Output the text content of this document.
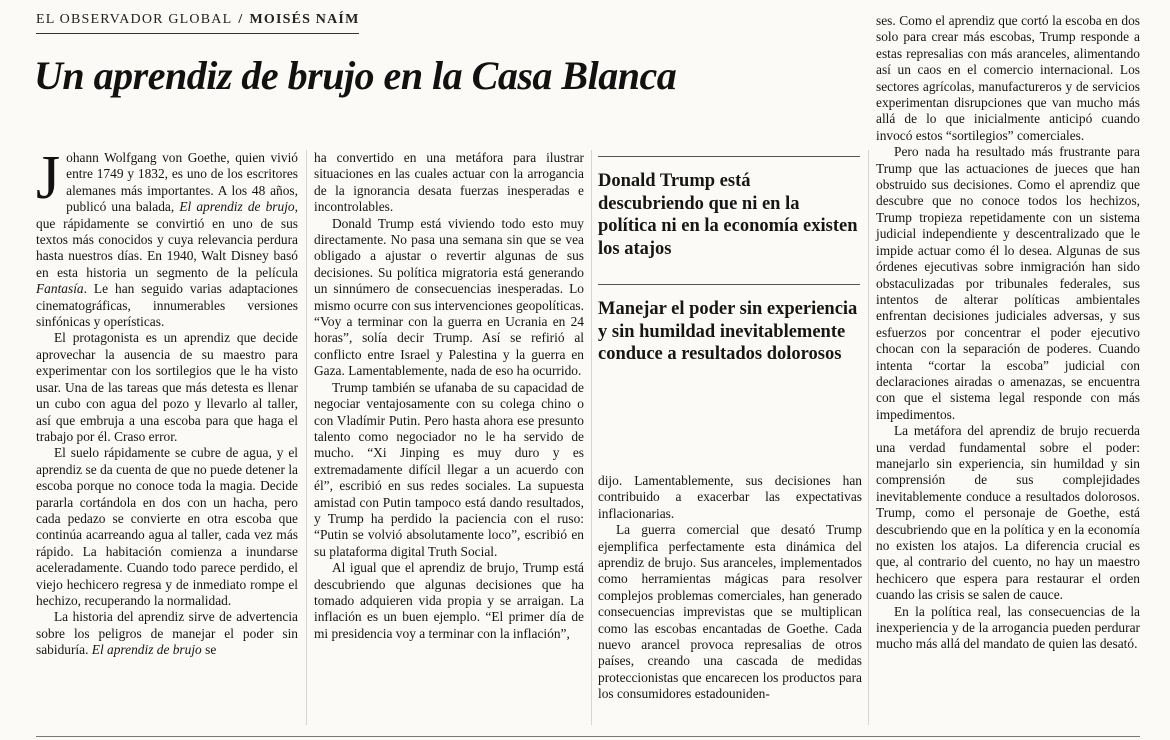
EL OBSERVADOR GLOBAL / MOISÉS NAÍM
Un aprendiz de brujo en la Casa Blanca

Johann Wolfgang von Goethe, quien vivió entre 1749 y 1832, es uno de los escritores alemanes más importantes. A los 48 años, publicó una balada, El aprendiz de brujo, que rápidamente se convirtió en uno de sus textos más conocidos y cuya relevancia perdura hasta nuestros días. En 1940, Walt Disney basó en esta historia un segmento de la película Fantasía. Le han seguido varias adaptaciones cinematográficas, innumerables versiones sinfónicas y operísticas.

El protagonista es un aprendiz que decide aprovechar la ausencia de su maestro para experimentar con los sortilegios que le ha visto usar. Una de las tareas que más detesta es llenar un cubo con agua del pozo y llevarlo al taller, así que embruja a una escoba para que haga el trabajo por él. Craso error.

El suelo rápidamente se cubre de agua, y el aprendiz se da cuenta de que no puede detener la escoba porque no conoce toda la magia. Decide pararla cortándola en dos con un hacha, pero cada pedazo se convierte en otra escoba que continúa acarreando agua al taller, cada vez más rápido. La habitación comienza a inundarse aceleradamente. Cuando todo parece perdido, el viejo hechicero regresa y de inmediato rompe el hechizo, recuperando la normalidad.

La historia del aprendiz sirve de advertencia sobre los peligros de manejar el poder sin sabiduría. El aprendiz de brujo se

ha convertido en una metáfora para ilustrar situaciones en las cuales actuar con la arrogancia de la ignorancia desata fuerzas inesperadas e incontrolables.

Donald Trump está viviendo todo esto muy directamente. No pasa una semana sin que se vea obligado a ajustar o revertir algunas de sus decisiones. Su política migratoria está generando un sinnúmero de consecuencias inesperadas. Lo mismo ocurre con sus intervenciones geopolíticas. “Voy a terminar con la guerra en Ucrania en 24 horas”, solía decir Trump. Así se refirió al conflicto entre Israel y Palestina y la guerra en Gaza. Lamentablemente, nada de eso ha ocurrido.

Trump también se ufanaba de su capacidad de negociar ventajosamente con su colega chino o con Vladímir Putin. Pero hasta ahora ese presunto talento como negociador no le ha servido de mucho. “Xi Jinping es muy duro y es extremadamente difícil llegar a un acuerdo con él”, escribió en sus redes sociales. La supuesta amistad con Putin tampoco está dando resultados, y Trump ha perdido la paciencia con el ruso: “Putin se volvió absolutamente loco”, escribió en su plataforma digital Truth Social.

Al igual que el aprendiz de brujo, Trump está descubriendo que algunas decisiones que ha tomado adquieren vida propia y se arraigan. La inflación es un buen ejemplo. “El primer día de mi presidencia voy a terminar con la inflación”,

Donald Trump está descubriendo que ni en la política ni en la economía existen los atajos

Manejar el poder sin experiencia y sin humildad inevitablemente conduce a resultados dolorosos

dijo. Lamentablemente, sus decisiones han contribuido a exacerbar las expectativas inflacionarias.

La guerra comercial que desató Trump ejemplifica perfectamente esta dinámica del aprendiz de brujo. Sus aranceles, implementados como herramientas mágicas para resolver complejos problemas comerciales, han generado consecuencias imprevistas que se multiplican como las escobas encantadas de Goethe. Cada nuevo arancel provoca represalias de otros países, creando una cascada de medidas proteccionistas que encarecen los productos para los consumidores estadouniden-

ses. Como el aprendiz que cortó la escoba en dos solo para crear más escobas, Trump responde a estas represalias con más aranceles, alimentando así un caos en el comercio internacional. Los sectores agrícolas, manufactureros y de servicios experimentan disrupciones que van mucho más allá de lo que inicialmente anticipó cuando invocó estos “sortilegios” comerciales.

Pero nada ha resultado más frustrante para Trump que las actuaciones de jueces que han obstruido sus decisiones. Como el aprendiz que descubre que no conoce todos los hechizos, Trump tropieza repetidamente con un sistema judicial independiente y descentralizado que le impide actuar como él lo desea. Algunas de sus órdenes ejecutivas sobre inmigración han sido obstaculizadas por tribunales federales, sus intentos de alterar políticas ambientales enfrentan decisiones judiciales adversas, y sus esfuerzos por concentrar el poder ejecutivo chocan con la separación de poderes. Cuando intenta “cortar la escoba” judicial con declaraciones airadas o amenazas, se encuentra con que el sistema legal responde con más impedimentos.

La metáfora del aprendiz de brujo recuerda una verdad fundamental sobre el poder: manejarlo sin experiencia, sin humildad y sin comprensión de sus complejidades inevitablemente conduce a resultados dolorosos. Trump, como el personaje de Goethe, está descubriendo que en la política y en la economía no existen los atajos. La diferencia crucial es que, al contrario del cuento, no hay un maestro hechicero que espera para restaurar el orden cuando las crisis se salen de cauce.

En la política real, las consecuencias de la inexperiencia y de la arrogancia pueden perdurar mucho más allá del mandato de quien las desató.
